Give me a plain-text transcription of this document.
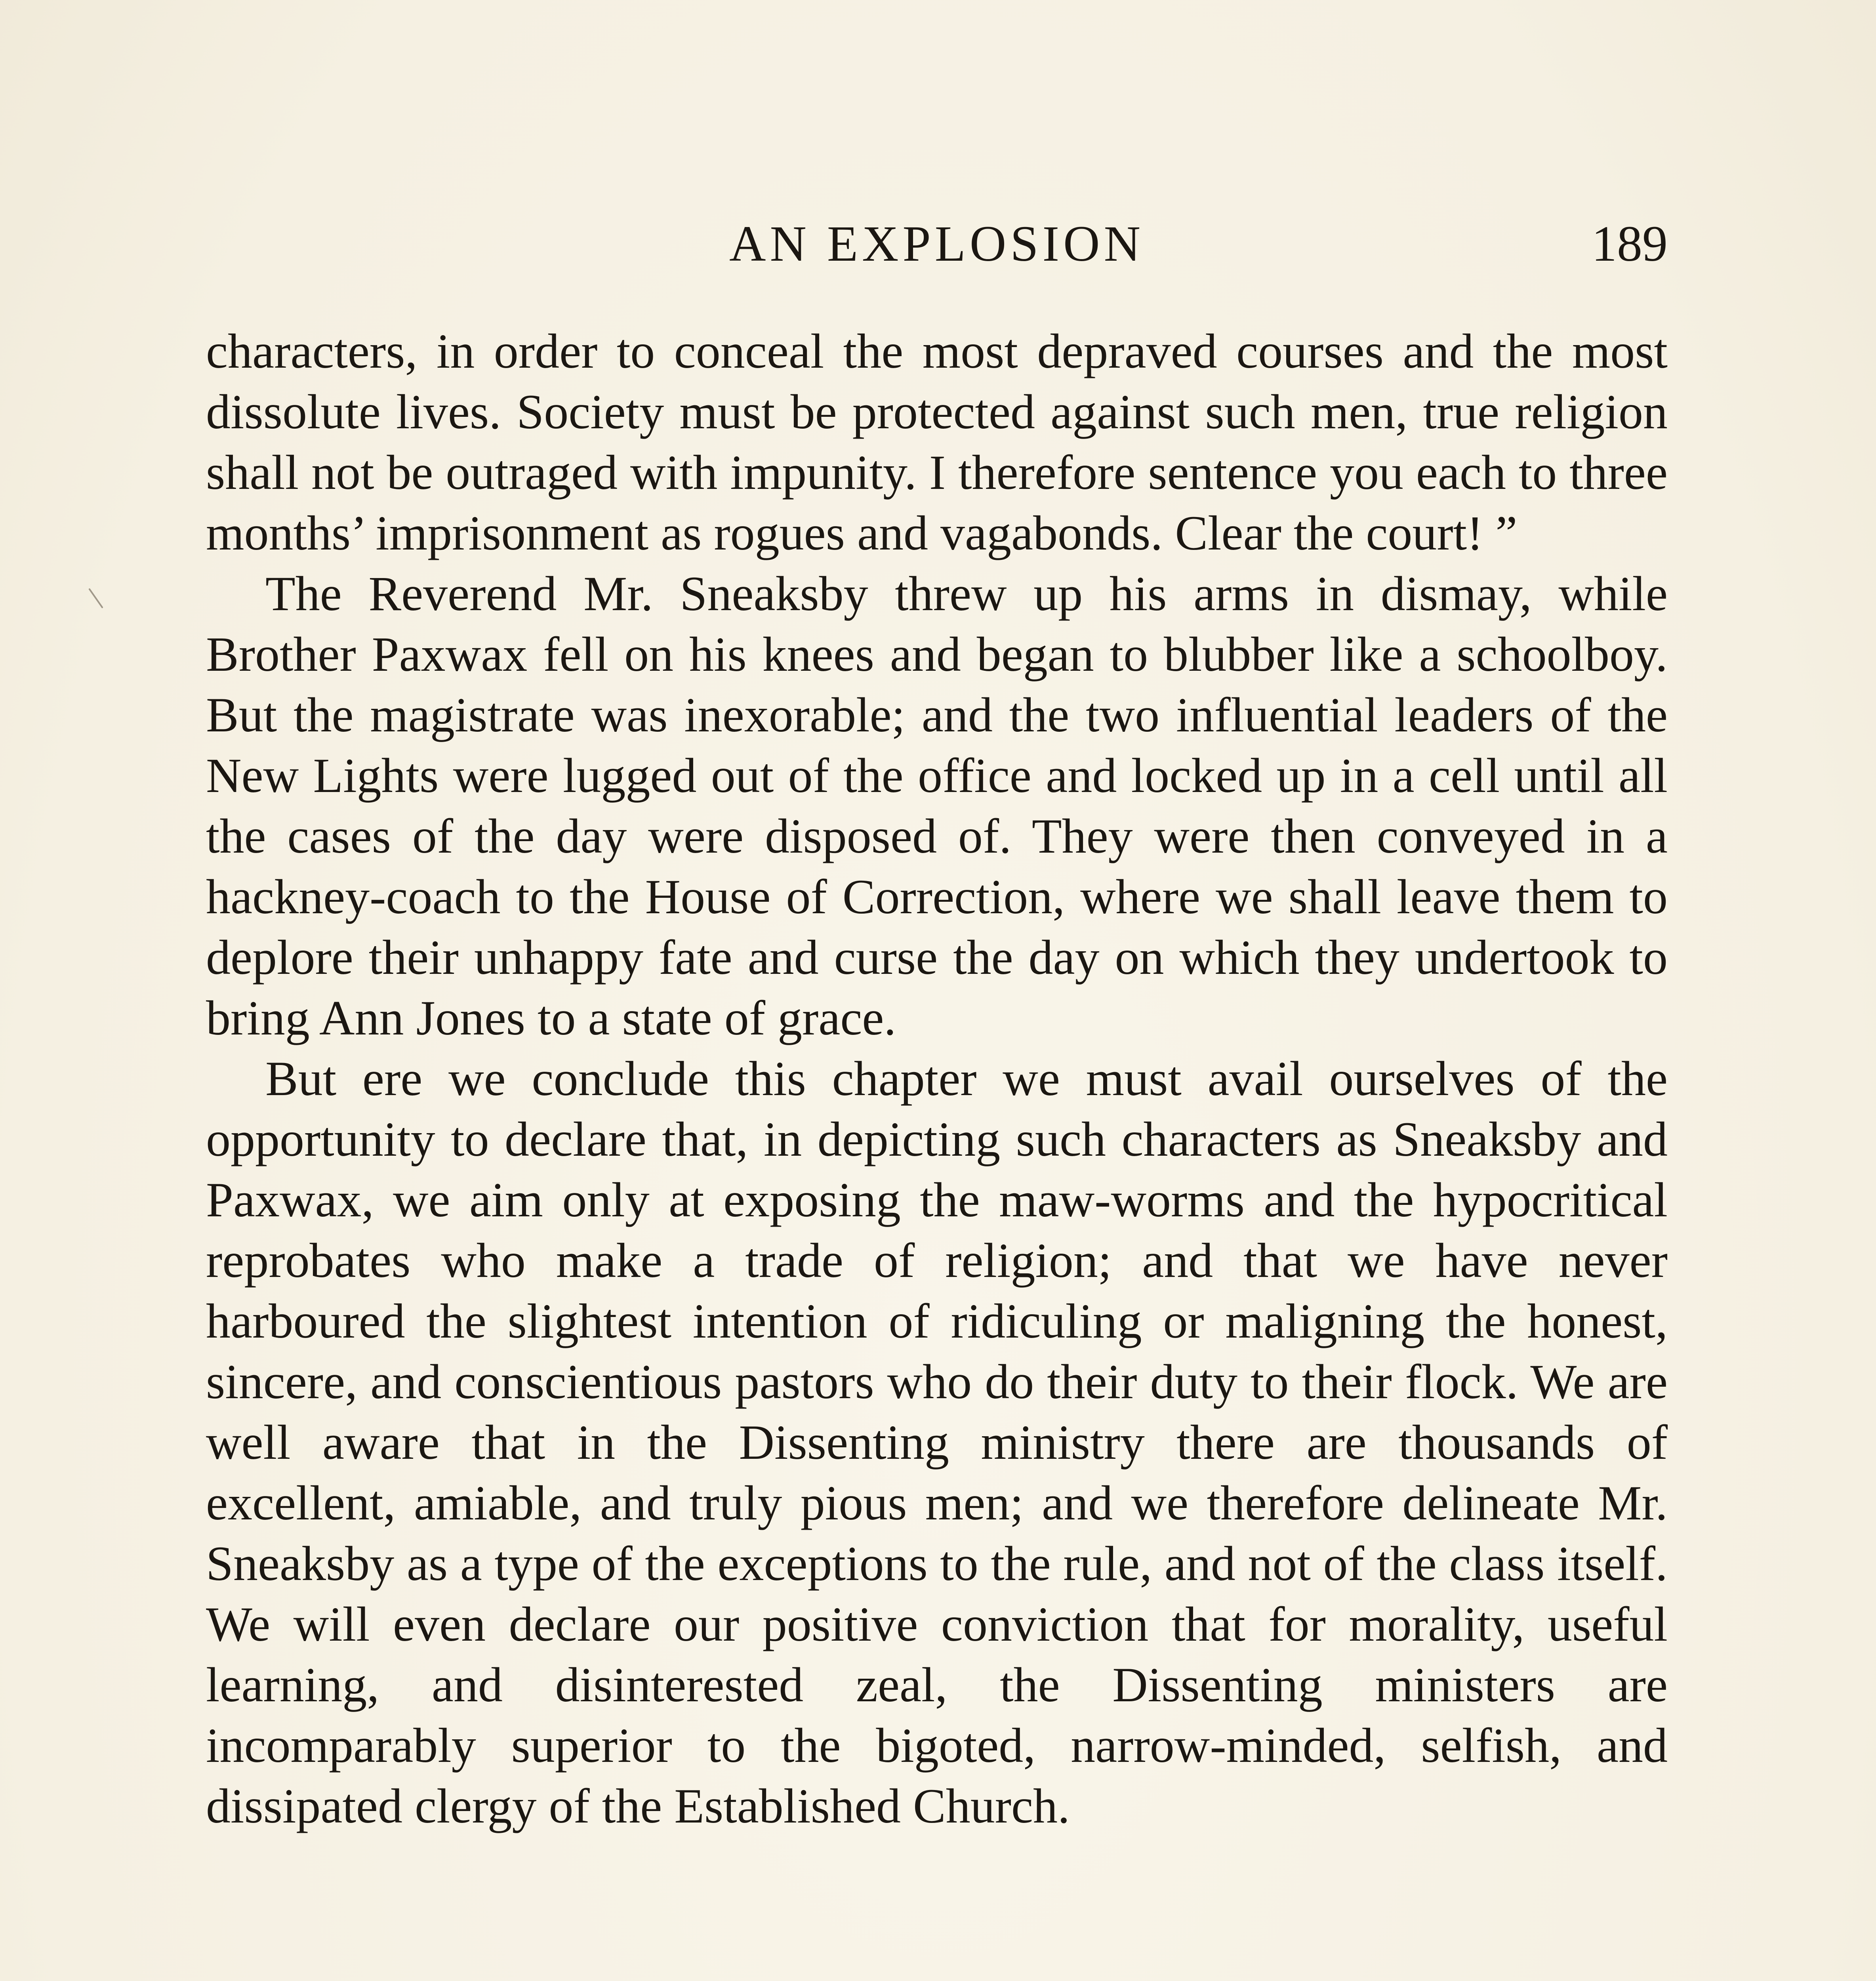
AN EXPLOSION	189

characters, in order to conceal the most depraved courses and the most dissolute lives. Society must be protected against such men, true religion shall not be outraged with impunity. I therefore sentence you each to three months’ imprisonment as rogues and vagabonds. Clear the court! ”

The Reverend Mr. Sneaksby threw up his arms in dismay, while Brother Paxwax fell on his knees and began to blubber like a schoolboy. But the magistrate was inexorable; and the two influential leaders of the New Lights were lugged out of the office and locked up in a cell until all the cases of the day were disposed of. They were then conveyed in a hackney-coach to the House of Correction, where we shall leave them to deplore their unhappy fate and curse the day on which they undertook to bring Ann Jones to a state of grace.

But ere we conclude this chapter we must avail ourselves of the opportunity to declare that, in depicting such characters as Sneaksby and Paxwax, we aim only at exposing the maw-worms and the hypocritical reprobates who make a trade of religion; and that we have never harboured the slightest intention of ridiculing or maligning the honest, sincere, and conscientious pastors who do their duty to their flock. We are well aware that in the Dissenting ministry there are thousands of excellent, amiable, and truly pious men; and we therefore delineate Mr. Sneaksby as a type of the exceptions to the rule, and not of the class itself. We will even declare our positive conviction that for morality, useful learning, and disinterested zeal, the Dissenting ministers are incomparably superior to the bigoted, narrow-minded, selfish, and dissipated clergy of the Established Church.
